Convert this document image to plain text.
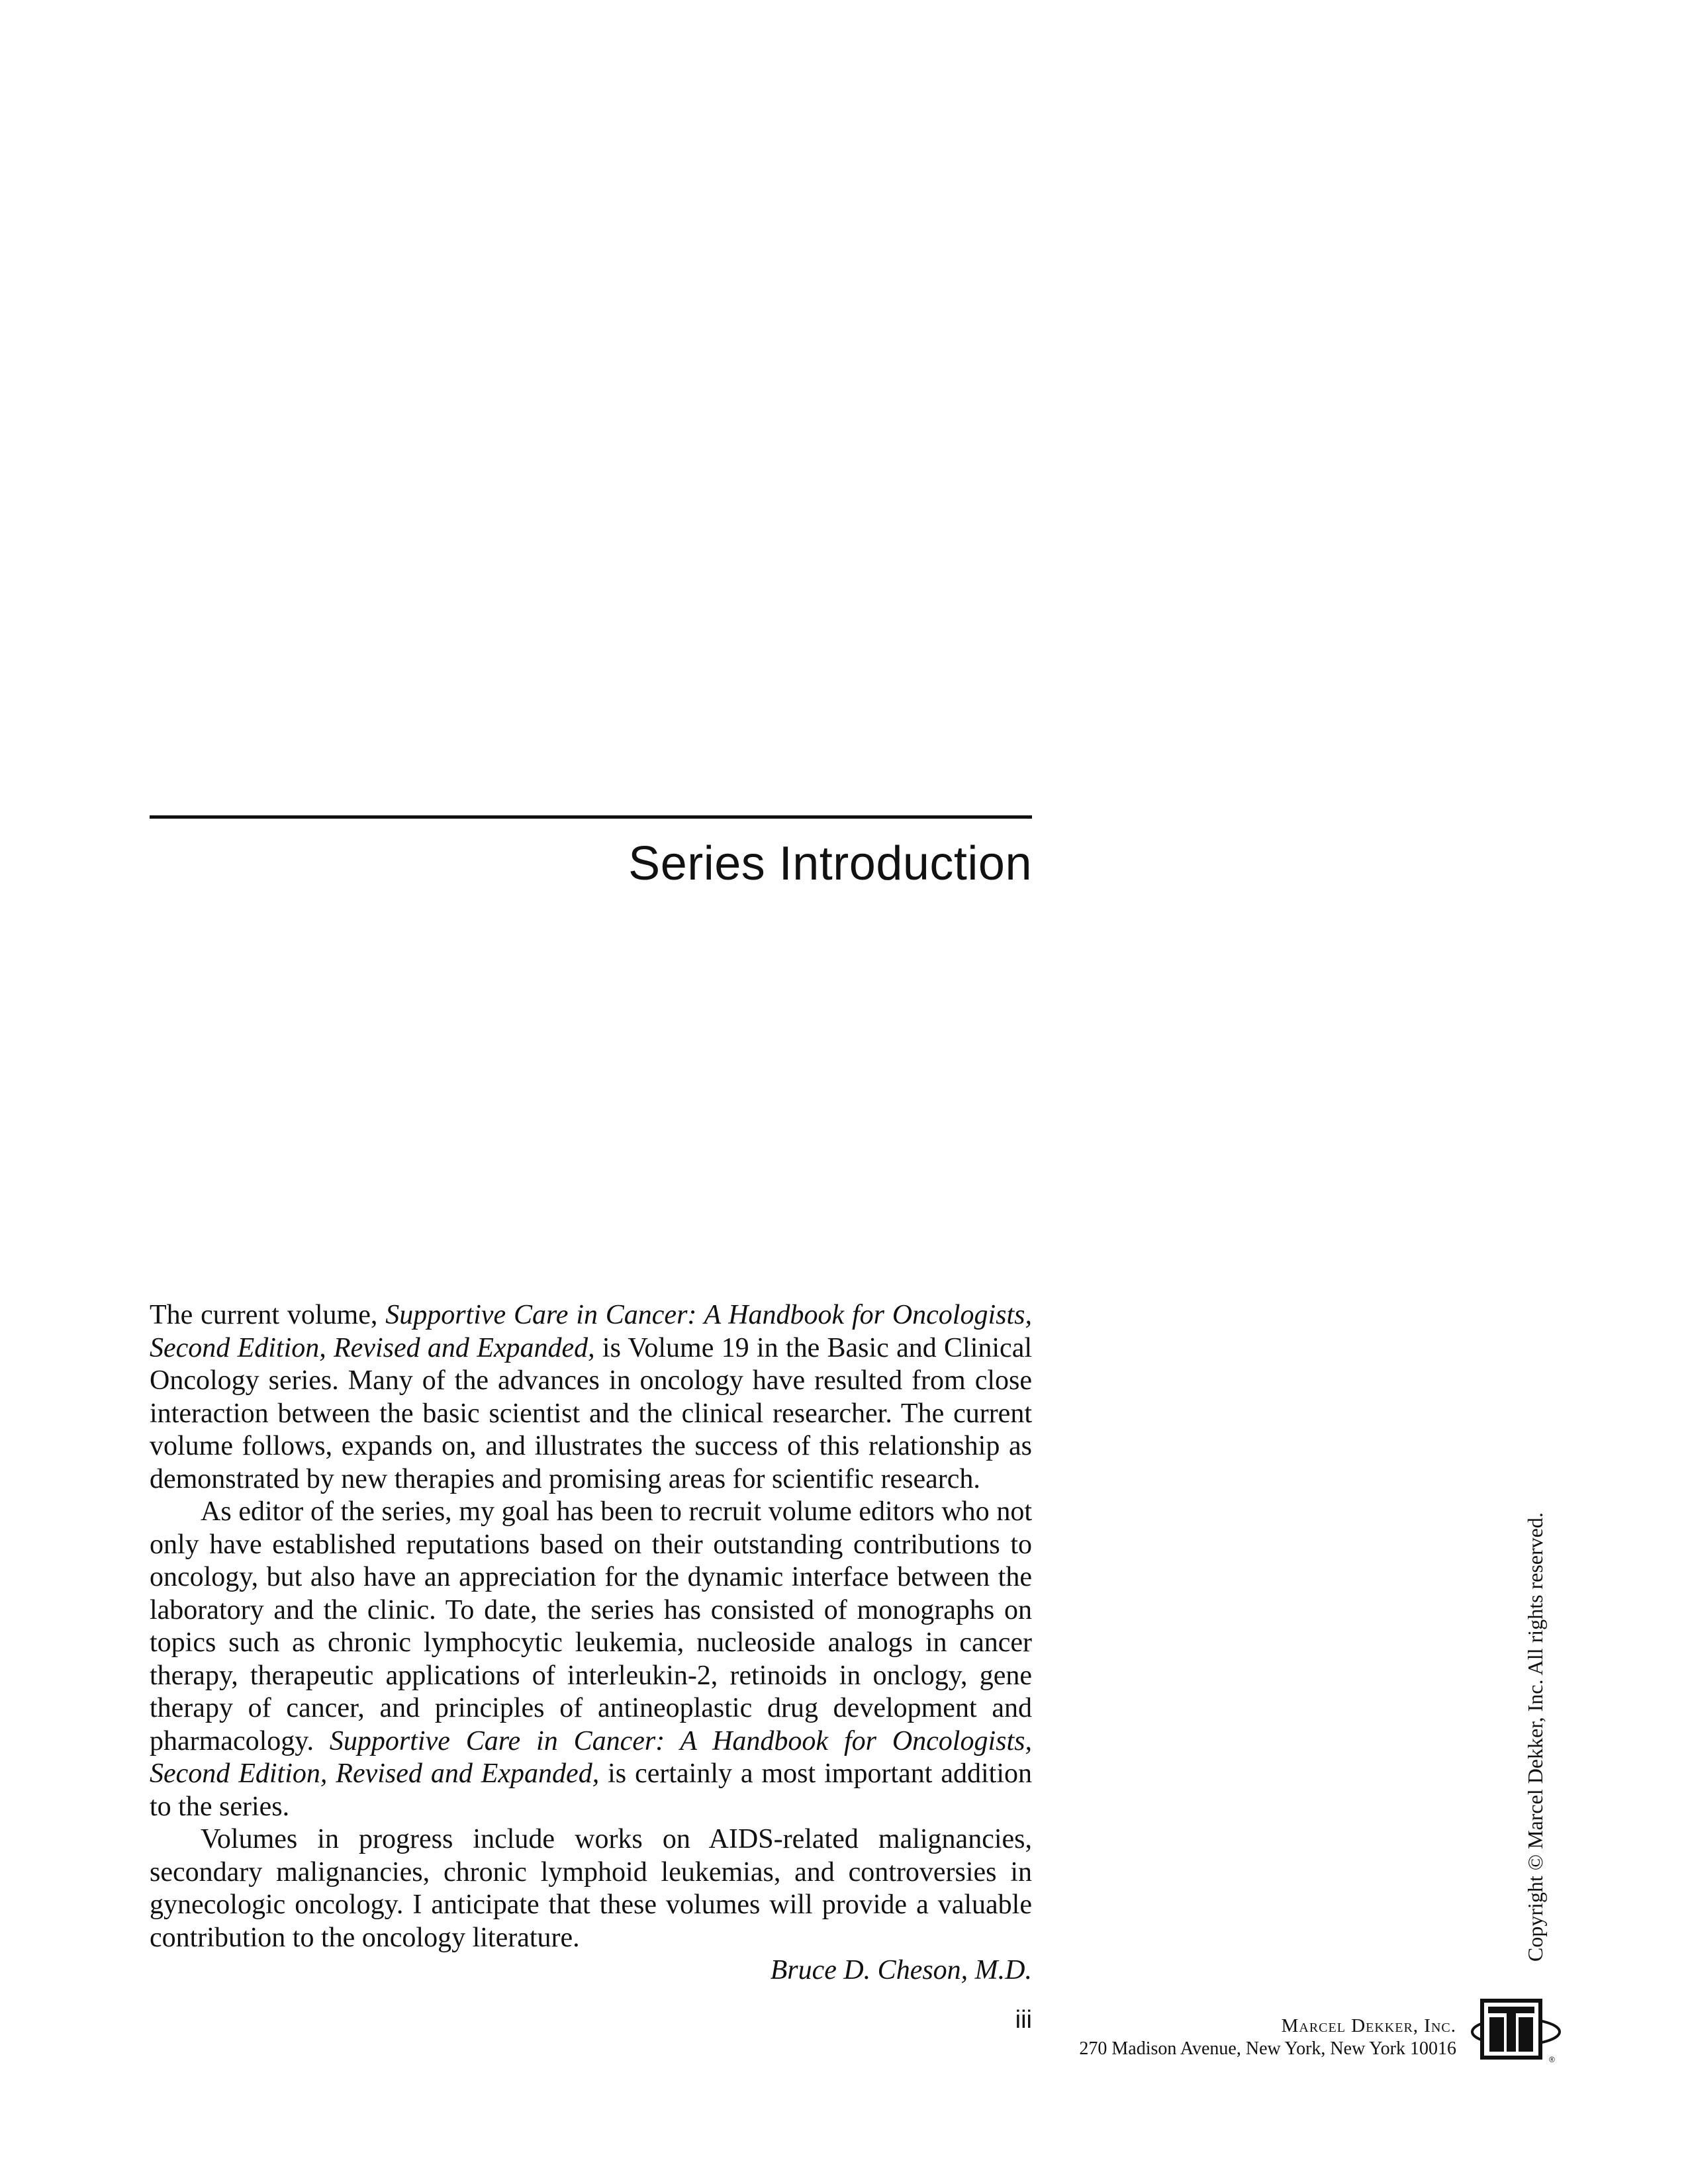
Series Introduction

The current volume, Supportive Care in Cancer: A Handbook for Oncologists, Second Edition, Revised and Expanded, is Volume 19 in the Basic and Clinical Oncology series. Many of the advances in oncology have resulted from close interaction between the basic scientist and the clinical researcher. The current volume follows, expands on, and illustrates the success of this relationship as demonstrated by new therapies and promising areas for scientific research.

As editor of the series, my goal has been to recruit volume editors who not only have established reputations based on their outstanding contributions to oncology, but also have an appreciation for the dynamic interface between the laboratory and the clinic. To date, the series has consisted of monographs on topics such as chronic lymphocytic leukemia, nucleoside analogs in cancer therapy, therapeutic applications of interleukin-2, retinoids in onclogy, gene therapy of cancer, and principles of antineoplastic drug development and pharmacology. Supportive Care in Cancer: A Handbook for Oncologists, Second Edition, Revised and Expanded, is certainly a most important addition to the series.

Volumes in progress include works on AIDS-related malignancies, secondary malignancies, chronic lymphoid leukemias, and controversies in gynecologic oncology. I anticipate that these volumes will provide a valuable contribution to the oncology literature.

Bruce D. Cheson, M.D.
iii
Copyright © Marcel Dekker, Inc. All rights reserved.
Marcel Dekker, Inc.
270 Madison Avenue, New York, New York 10016
®
